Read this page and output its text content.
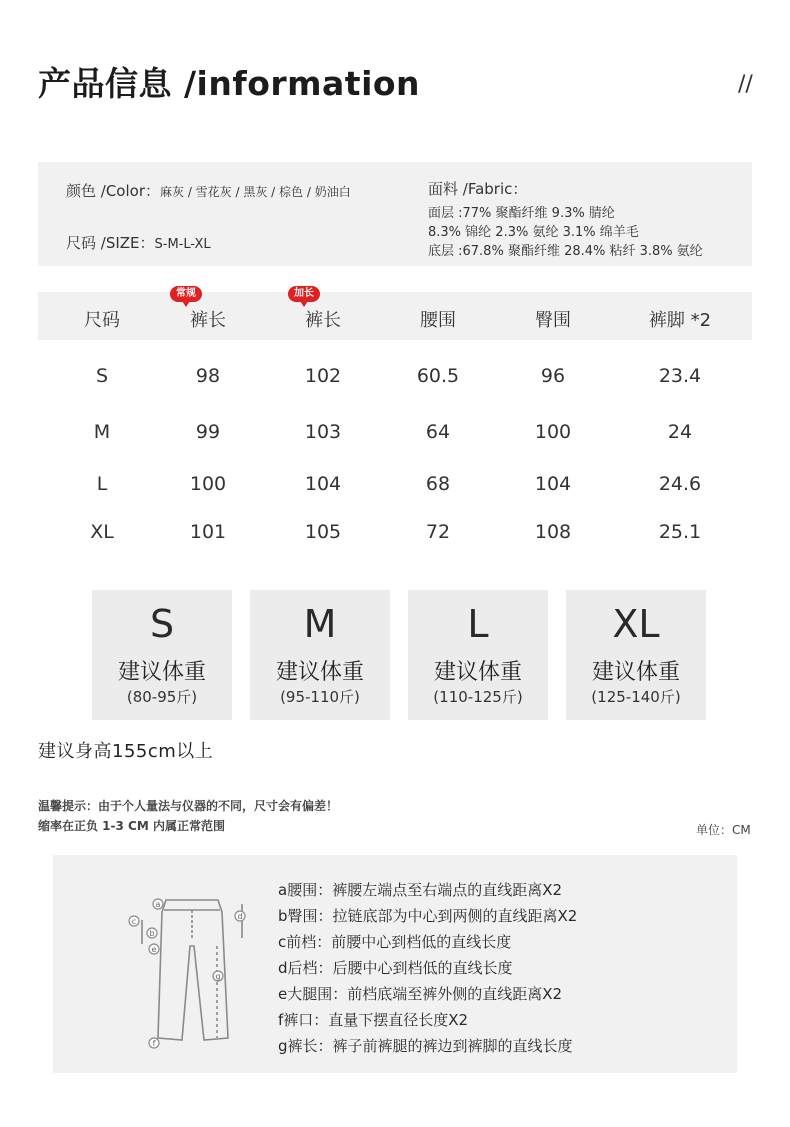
产品信息 /information	//
颜色 /Color：麻灰 / 雪花灰 / 黑灰 / 棕色 / 奶油白
尺码 /SIZE：S-M-L-XL
面料 /Fabric：
面层 :77% 聚酯纤维 9.3% 腈纶
8.3% 锦纶 2.3% 氨纶 3.1% 绵羊毛
底层 :67.8% 聚酯纤维 28.4% 粘纤 3.8% 氨纶
尺码	裤长	裤长	腰围	臀围	裤脚 *2
常规	加长
S	98	102	60.5	96	23.4
M	99	103	64	100	24
L	100	104	68	104	24.6
XL	101	105	72	108	25.1
S
建议体重
(80-95斤)
M
建议体重
(95-110斤)
L
建议体重
(110-125斤)
XL
建议体重
(125-140斤)
建议身高155cm以上
温馨提示：由于个人量法与仪器的不同，尺寸会有偏差！
缩率在正负 1-3 CM 内属正常范围	单位：CM
a
b
c
d
e
f
g
a腰围：裤腰左端点至右端点的直线距离X2
b臀围：拉链底部为中心到两侧的直线距离X2
c前档：前腰中心到档低的直线长度
d后档：后腰中心到档低的直线长度
e大腿围：前档底端至裤外侧的直线距离X2
f裤口：直量下摆直径长度X2
g裤长：裤子前裤腿的裤边到裤脚的直线长度
